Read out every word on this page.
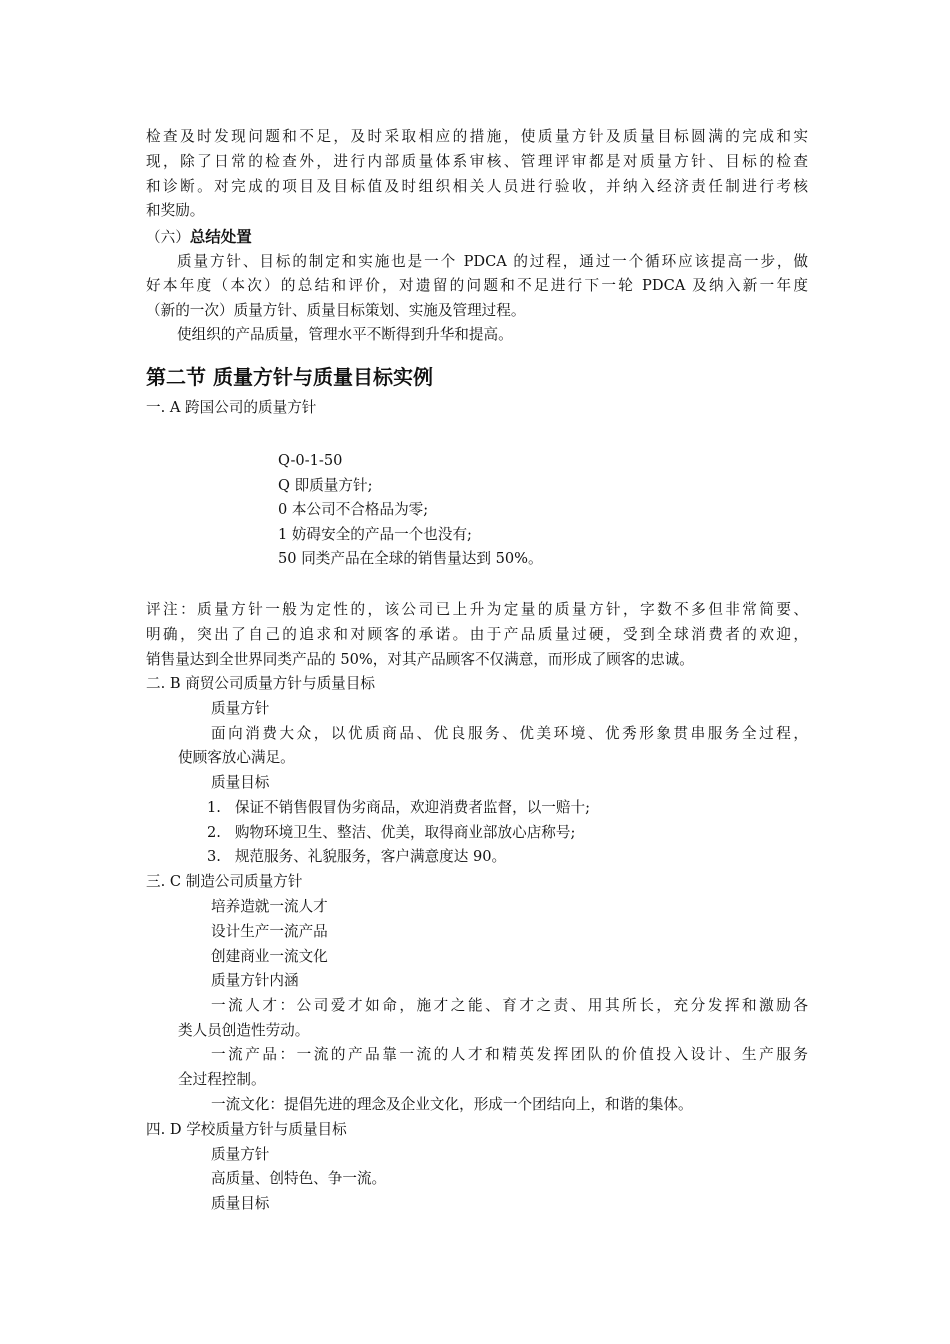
检查及时发现问题和不足，及时采取相应的措施，使质量方针及质量目标圆满的完成和实
现，除了日常的检查外，进行内部质量体系审核、管理评审都是对质量方针、目标的检查
和诊断。对完成的项目及目标值及时组织相关人员进行验收，并纳入经济责任制进行考核
和奖励。
（六）总结处置
质量方针、目标的制定和实施也是一个 PDCA 的过程，通过一个循环应该提高一步，做
好本年度（本次）的总结和评价，对遗留的问题和不足进行下一轮 PDCA 及纳入新一年度
（新的一次）质量方针、质量目标策划、实施及管理过程。
使组织的产品质量，管理水平不断得到升华和提高。
第二节 质量方针与质量目标实例
一. A 跨国公司的质量方针
Q-0-1-50
Q 即质量方针;
0 本公司不合格品为零;
1 妨碍安全的产品一个也没有;
50 同类产品在全球的销售量达到 50%。
评注：质量方针一般为定性的，该公司已上升为定量的质量方针，字数不多但非常简要、
明确，突出了自己的追求和对顾客的承诺。由于产品质量过硬，受到全球消费者的欢迎，
销售量达到全世界同类产品的 50%，对其产品顾客不仅满意，而形成了顾客的忠诚。
二. B 商贸公司质量方针与质量目标
质量方针
面向消费大众，以优质商品、优良服务、优美环境、优秀形象贯串服务全过程，
使顾客放心满足。
质量目标
1.   保证不销售假冒伪劣商品，欢迎消费者监督，以一赔十;
2.   购物环境卫生、整洁、优美，取得商业部放心店称号;
3.   规范服务、礼貌服务，客户满意度达 90。
三. C 制造公司质量方针
培养造就一流人才
设计生产一流产品
创建商业一流文化
质量方针内涵
一流人才：公司爱才如命，施才之能、育才之责、用其所长，充分发挥和激励各
类人员创造性劳动。
一流产品：一流的产品靠一流的人才和精英发挥团队的价值投入设计、生产服务
全过程控制。
一流文化：提倡先进的理念及企业文化，形成一个团结向上，和谐的集体。
四. D 学校质量方针与质量目标
质量方针
高质量、创特色、争一流。
质量目标
